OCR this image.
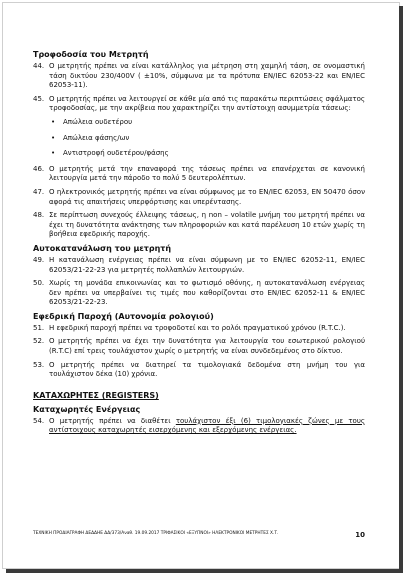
Τροφοδοσία του Μετρητή
44. Ο μετρητής πρέπει να είναι κατάλληλος για μέτρηση στη χαμηλή τάση, σε ονομαστική τάση δικτύου 230/400V ( ±10%, σύμφωνα με τα πρότυπα ΕΝ/ΙΕC 62053-22 και EN/IEC 62053-11).
45. Ο μετρητής πρέπει να λειτουργεί σε κάθε μία από τις παρακάτω περιπτώσεις σφάλματος τροφοδοσίας, με την ακρίβεια που χαρακτηρίζει την αντίστοιχη ασυμμετρία τάσεως:
•	Απώλεια ουδετέρου
•	Απώλεια φάσης/ων
•	Αντιστροφή ουδετέρου/φάσης
46. Ο μετρητής μετά την επαναφορά της τάσεως πρέπει να επανέρχεται σε κανονική λειτουργία μετά την πάροδο το πολύ 5 δευτερολέπτων.
47. Ο ηλεκτρονικός μετρητής πρέπει να είναι σύμφωνος με το EN/IEC 62053, EN 50470 όσον αφορά τις απαιτήσεις υπερφόρτισης και υπερέντασης.
48. Σε περίπτωση συνεχούς έλλειψης τάσεως, η non – volatile μνήμη του μετρητή πρέπει να έχει τη δυνατότητα ανάκτησης των πληροφοριών και κατά παρέλευση 10 ετών χωρίς τη βοήθεια εφεδρικής παροχής.
Αυτοκατανάλωση του μετρητή
49. Η κατανάλωση ενέργειας πρέπει να είναι σύμφωνη με το EN/IEC 62052-11, EN/IEC 62053/21-22-23 για μετρητές πολλαπλών λειτουργιών.
50. Χωρίς τη μονάδα επικοινωνίας και το φωτισμό οθόνης, η αυτοκατανάλωση ενέργειας δεν πρέπει να υπερβαίνει τις τιμές που καθορίζονται στο EN/IEC 62052-11 & EN/IEC 62053/21-22-23.
Εφεδρική Παροχή (Αυτονομία ρολογιού)
51. Η εφεδρική παροχή πρέπει να τροφοδοτεί και το ρολόι πραγματικού χρόνου (R.T.C.).
52. Ο μετρητής πρέπει να έχει την δυνατότητα για λειτουργία του εσωτερικού ρολογιού (R.T.C) επί τρεις τουλάχιστον χωρίς ο μετρητής να είναι συνδεδεμένος στο δίκτυο.
53. Ο μετρητής πρέπει να διατηρεί τα τιμολογιακά δεδομένα στη μνήμη του για τουλάχιστον δέκα (10) χρόνια.
ΚΑΤΑΧΩΡΗΤΕΣ (REGISTERS)
Καταχωρητές Ενέργειας
54. Ο μετρητής πρέπει να διαθέτει τουλάχιστον έξι (6) τιμολογιακές ζώνες με τους αντίστοιχους καταχωρητές εισερχόμενης και εξερχόμενης ενέργειας.
ΤΕΧΝΙΚΗ ΠΡΟΔΙΑΓΡΑΦΗ ΔΕΔΔΗΕ ΔΔ/373/Αναθ. 19.09.2017 ΤΡΙΦΑΣΙΚΟΙ «ΕΞΥΠΝΟΙ» ΗΛΕΚΤΡΟΝΙΚΟΙ ΜΕΤΡΗΤΕΣ Χ.Τ.	10
